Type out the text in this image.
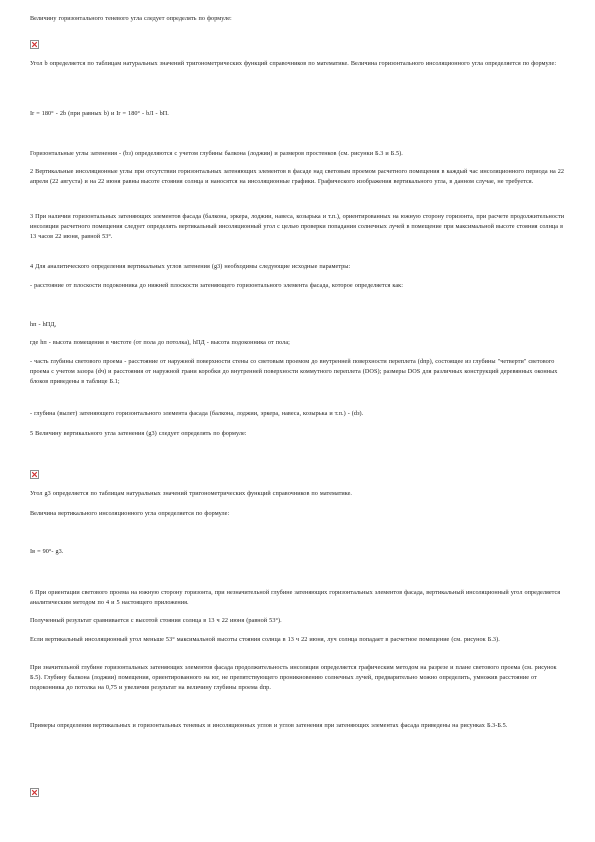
Величину горизонтального теневого угла следует определять по формуле:

Угол b определяется по таблицам натуральных значений тригонометрических функций справочников по математике. Величина горизонтального инсоляционного угла определяется по формуле:

Ir = 180° - 2b (при равных b) и Ir = 180° - bЛ - bП.

Горизонтальные углы затенения - (bз) определяются с учетом глубины балкона (лоджии) и размеров простенков (см. рисунки Б.3 и Б.5).

2 Вертикальные инсоляционные углы при отсутствии горизонтальных затеняющих элементов в фасаде над световым проемом расчетного помещения в каждый час инсоляционного периода на 22 апреля (22 августа) и на 22 июня равны высоте стояния солнца и наносятся на инсоляционные графики. Графического изображения вертикального угла, в данном случае, не требуется.

3 При наличии горизонтальных затеняющих элементов фасада (балкона, эркера, лоджии, навеса, козырька и т.п.), ориентированных на южную сторону горизонта, при расчете продолжительности инсоляции расчетного помещения следует определять вертикальный инсоляционный угол с целью проверки попадания солнечных лучей в помещение при максимальной высоте стояния солнца в 13 часов 22 июня, равной 53°.

4 Для аналитического определения вертикальных углов затенения (g3) необходимы следующие исходные параметры:

- расстояние от плоскости подоконника до нижней плоскости затеняющего горизонтального элемента фасада, которое определяется как:

hп - hПД,

где hп - высота помещения в чистоте (от пола до потолка), hПД - высота подоконника от пола;

- часть глубины светового проема - расстояние от наружной поверхности стены со световым проемом до внутренней поверхности переплета (dпр), состоящее из глубины "четверти" светового проема с учетом зазора (dч) и расстояния от наружной грани коробки до внутренней поверхности коммутного переплета (DOS); размеры DOS для различных конструкций деревянных оконных блоков приведены в таблице Б.1;

- глубина (вылет) затеняющего горизонтального элемента фасада (балкона, лоджии, эркера, навеса, козырька и т.п.) - (dз).

5 Величину вертикального угла затенения (g3) следует определять по формуле:

Угол g3 определяется по таблицам натуральных значений тригонометрических функций справочников по математике.

Величина вертикального инсоляционного угла определяется по формуле:

Iв = 90°- g3.

6 При ориентации светового проема на южную сторону горизонта, при незначительной глубине затеняющих горизонтальных элементов фасада, вертикальный инсоляционный угол определяется аналитическим методом по 4 и 5 настоящего приложения.

Полученный результат сравнивается с высотой стояния солнца в 13 ч 22 июня (равной 53°).

Если вертикальный инсоляционный угол меньше 53° максимальной высоты стояния солнца в 13 ч 22 июня, луч солнца попадает в расчетное помещение (см. рисунок Б.3).

При значительной глубине горизонтальных затеняющих элементов фасада продолжительность инсоляции определяется графическим методом на разрезе и плане светового проема (см. рисунок Б.5). Глубину балкона (лоджии) помещения, ориентированного на юг, не препятствующего проникновению солнечных лучей, предварительно можно определить, умножив расстояние от подоконника до потолка на 0,75 и увеличив результат на величину глубины проема dпр.

Примеры определения вертикальных и горизонтальных теневых и инсоляционных углов и углов затенения при затеняющих элементах фасада приведены на рисунках Б.3-Б.5.
